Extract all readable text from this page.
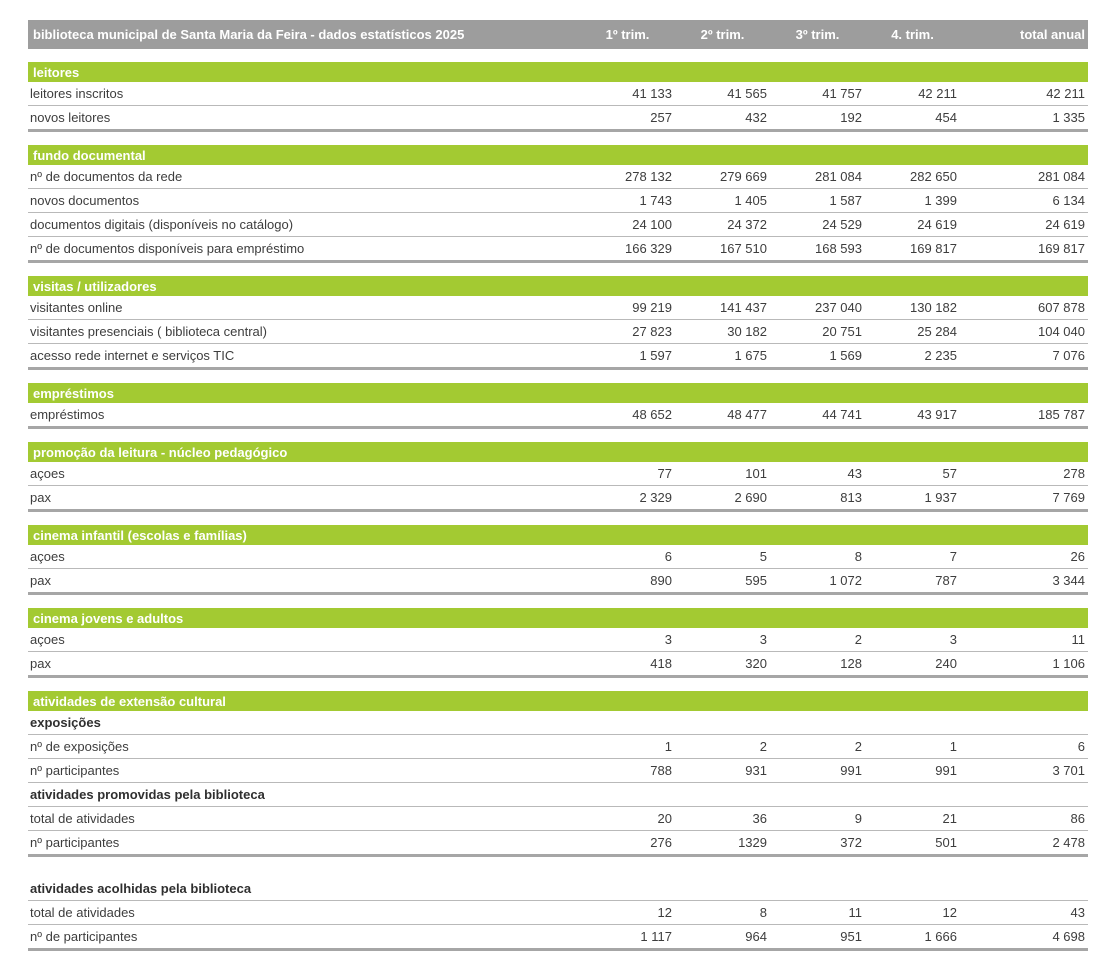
biblioteca municipal de Santa Maria da Feira - dados estatísticos 2025	1º trim.	2º trim.	3º trim.	4. trim.	total anual

leitores					
leitores inscritos	41 133	41 565	41 757	42 211	42 211
novos leitores	257	432	192	454	1 335

fundo documental					
nº de documentos da rede	278 132	279 669	281 084	282 650	281 084
novos documentos	1 743	1 405	1 587	1 399	6 134
documentos digitais (disponíveis no catálogo)	24 100	24 372	24 529	24 619	24 619
nº de documentos disponíveis para empréstimo	166 329	167 510	168 593	169 817	169 817

visitas / utilizadores					
visitantes online	99 219	141 437	237 040	130 182	607 878
visitantes presenciais ( biblioteca central)	27 823	30 182	20 751	25 284	104 040
acesso rede internet e serviços TIC	1 597	1 675	1 569	2 235	7 076

empréstimos					
empréstimos	48 652	48 477	44 741	43 917	185 787

promoção da leitura - núcleo pedagógico					
açoes	77	101	43	57	278
pax	2 329	2 690	813	1 937	7 769

cinema infantil (escolas e famílias)					
açoes	6	5	8	7	26
pax	890	595	1 072	787	3 344

cinema jovens e adultos					
açoes	3	3	2	3	11
pax	418	320	128	240	1 106

atividades de extensão cultural					
exposições					
nº de exposições	1	2	2	1	6
nº participantes	788	931	991	991	3 701
atividades promovidas pela biblioteca					
total de atividades	20	36	9	21	86
nº participantes	276	1329	372	501	2 478

atividades acolhidas pela biblioteca					
total de atividades	12	8	11	12	43
nº de participantes	1 117	964	951	1 666	4 698
